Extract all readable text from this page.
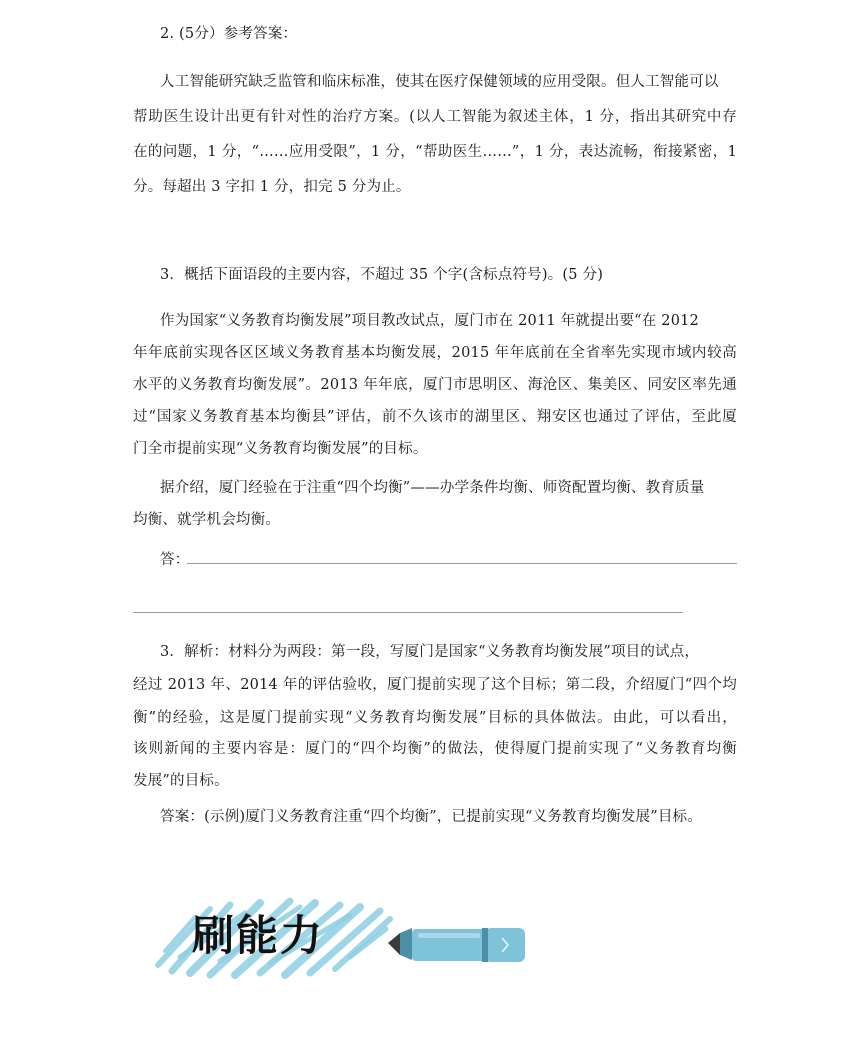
2. (5分）参考答案：
人工智能研究缺乏监管和临床标准，使其在医疗保健领域的应用受限。但人工智能可以
帮助医生设计出更有针对性的治疗方案。(以人工智能为叙述主体，1 分，指出其研究中存
在的问题，1 分，“……应用受限”，1 分，“帮助医生……”，1 分，表达流畅，衔接紧密，1
分。每超出 3 字扣 1 分，扣完 5 分为止。
3．概括下面语段的主要内容，不超过 35 个字(含标点符号)。(5 分)
作为国家“义务教育均衡发展”项目教改试点，厦门市在 2011 年就提出要“在 2012
年年底前实现各区区域义务教育基本均衡发展，2015 年年底前在全省率先实现市域内较高
水平的义务教育均衡发展”。2013 年年底，厦门市思明区、海沧区、集美区、同安区率先通
过“国家义务教育基本均衡县”评估，前不久该市的湖里区、翔安区也通过了评估，至此厦
门全市提前实现“义务教育均衡发展”的目标。
据介绍，厦门经验在于注重“四个均衡”——办学条件均衡、师资配置均衡、教育质量
均衡、就学机会均衡。
答：
3．解析：材料分为两段：第一段，写厦门是国家“义务教育均衡发展”项目的试点，
经过 2013 年、2014 年的评估验收，厦门提前实现了这个目标；第二段，介绍厦门“四个均
衡”的经验，这是厦门提前实现“义务教育均衡发展”目标的具体做法。由此，可以看出，
该则新闻的主要内容是：厦门的“四个均衡”的做法，使得厦门提前实现了“义务教育均衡
发展”的目标。
答案：(示例)厦门义务教育注重“四个均衡”，已提前实现“义务教育均衡发展”目标。
刷能力
